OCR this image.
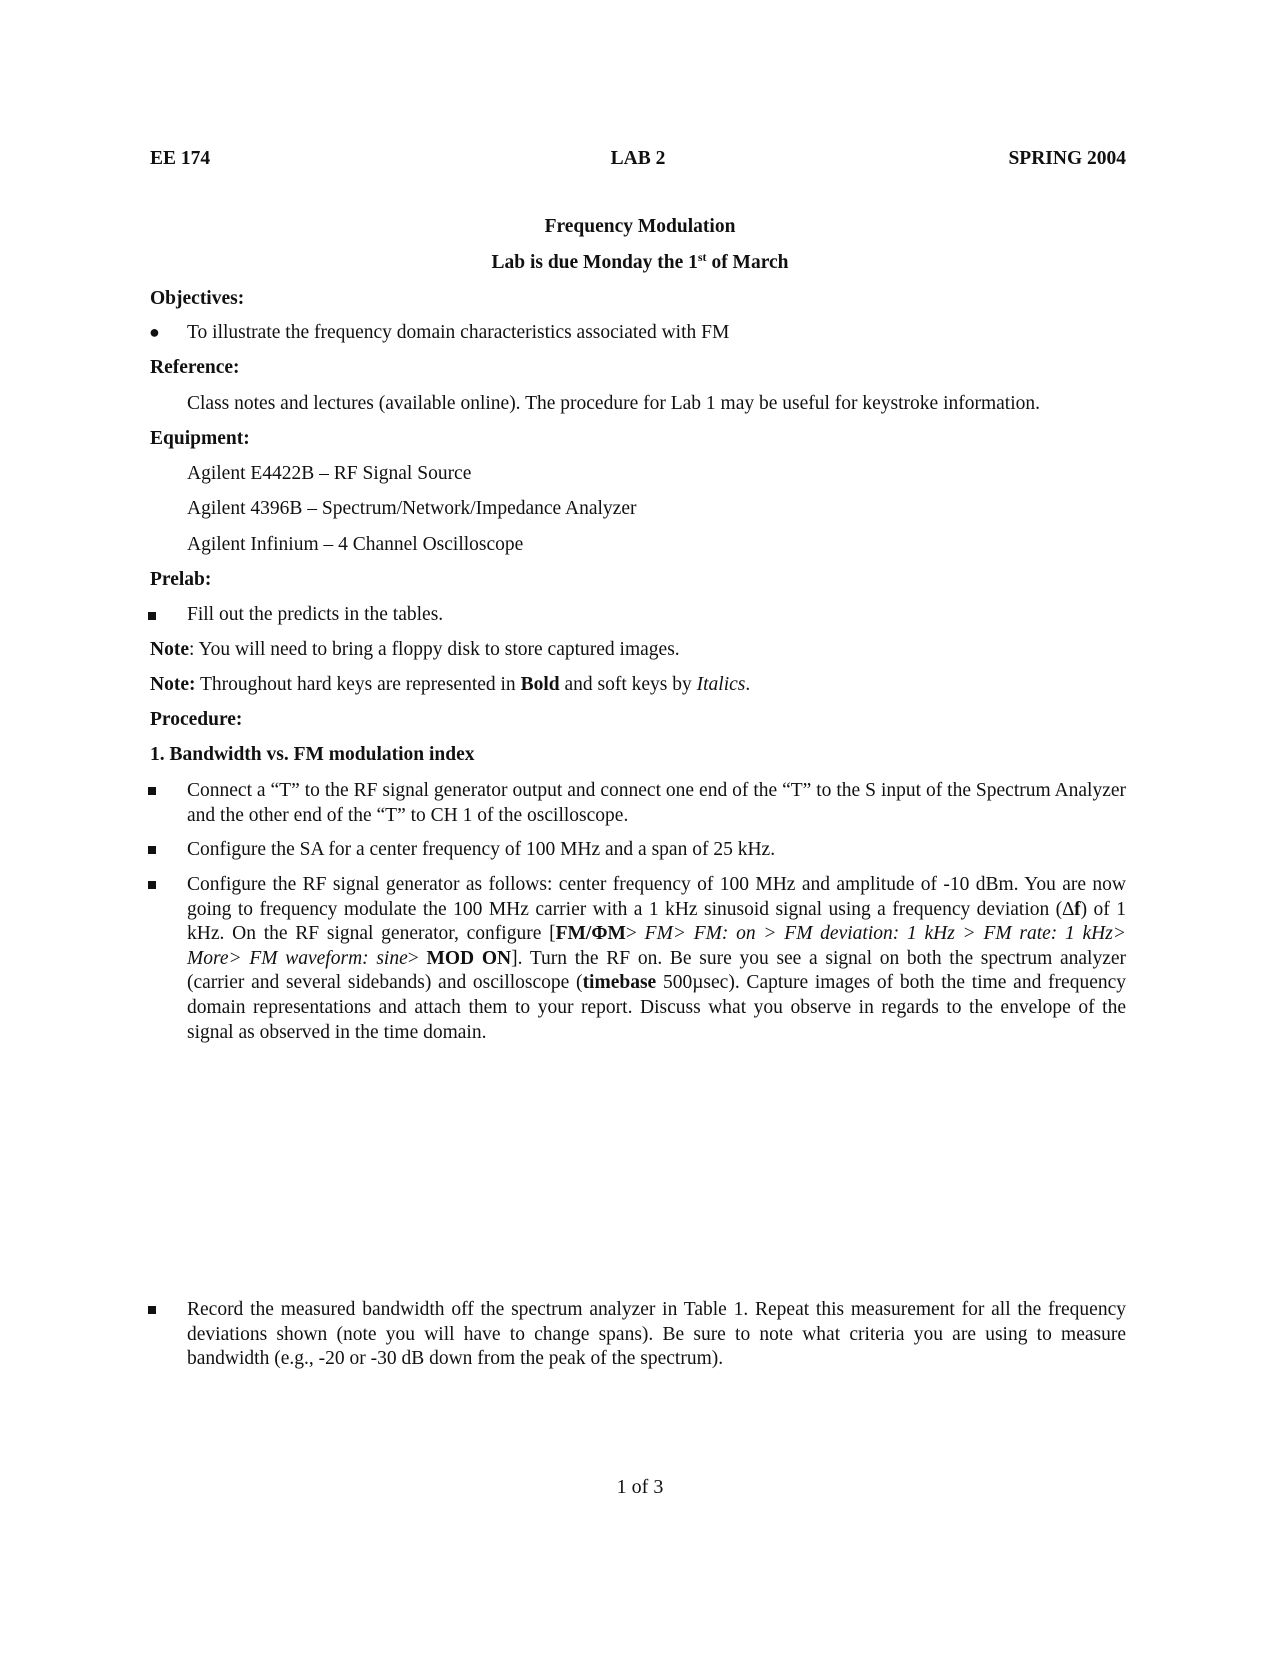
EE 174	LAB 2	SPRING 2004
Frequency Modulation
Lab is due Monday the 1st of March
Objectives:
● To illustrate the frequency domain characteristics associated with FM
Reference:
Class notes and lectures (available online). The procedure for Lab 1 may be useful for keystroke information.
Equipment:
Agilent E4422B – RF Signal Source
Agilent 4396B – Spectrum/Network/Impedance Analyzer
Agilent Infinium – 4 Channel Oscilloscope
Prelab:
Fill out the predicts in the tables.
Note: You will need to bring a floppy disk to store captured images.
Note: Throughout hard keys are represented in Bold and soft keys by Italics.
Procedure:
1. Bandwidth vs. FM modulation index
Connect a “T” to the RF signal generator output and connect one end of the “T” to the S input of the Spectrum Analyzer and the other end of the “T” to CH 1 of the oscilloscope.
Configure the SA for a center frequency of 100 MHz and a span of 25 kHz.
Configure the RF signal generator as follows: center frequency of 100 MHz and amplitude of -10 dBm. You are now going to frequency modulate the 100 MHz carrier with a 1 kHz sinusoid signal using a frequency deviation (∆f) of 1 kHz. On the RF signal generator, configure [FM/ΦM> FM> FM: on > FM deviation: 1 kHz > FM rate: 1 kHz> More> FM waveform: sine> MOD ON]. Turn the RF on. Be sure you see a signal on both the spectrum analyzer (carrier and several sidebands) and oscilloscope (timebase 500µsec). Capture images of both the time and frequency domain representations and attach them to your report. Discuss what you observe in regards to the envelope of the signal as observed in the time domain.
Record the measured bandwidth off the spectrum analyzer in Table 1. Repeat this measurement for all the frequency deviations shown (note you will have to change spans). Be sure to note what criteria you are using to measure bandwidth (e.g., -20 or -30 dB down from the peak of the spectrum).
1 of 3
